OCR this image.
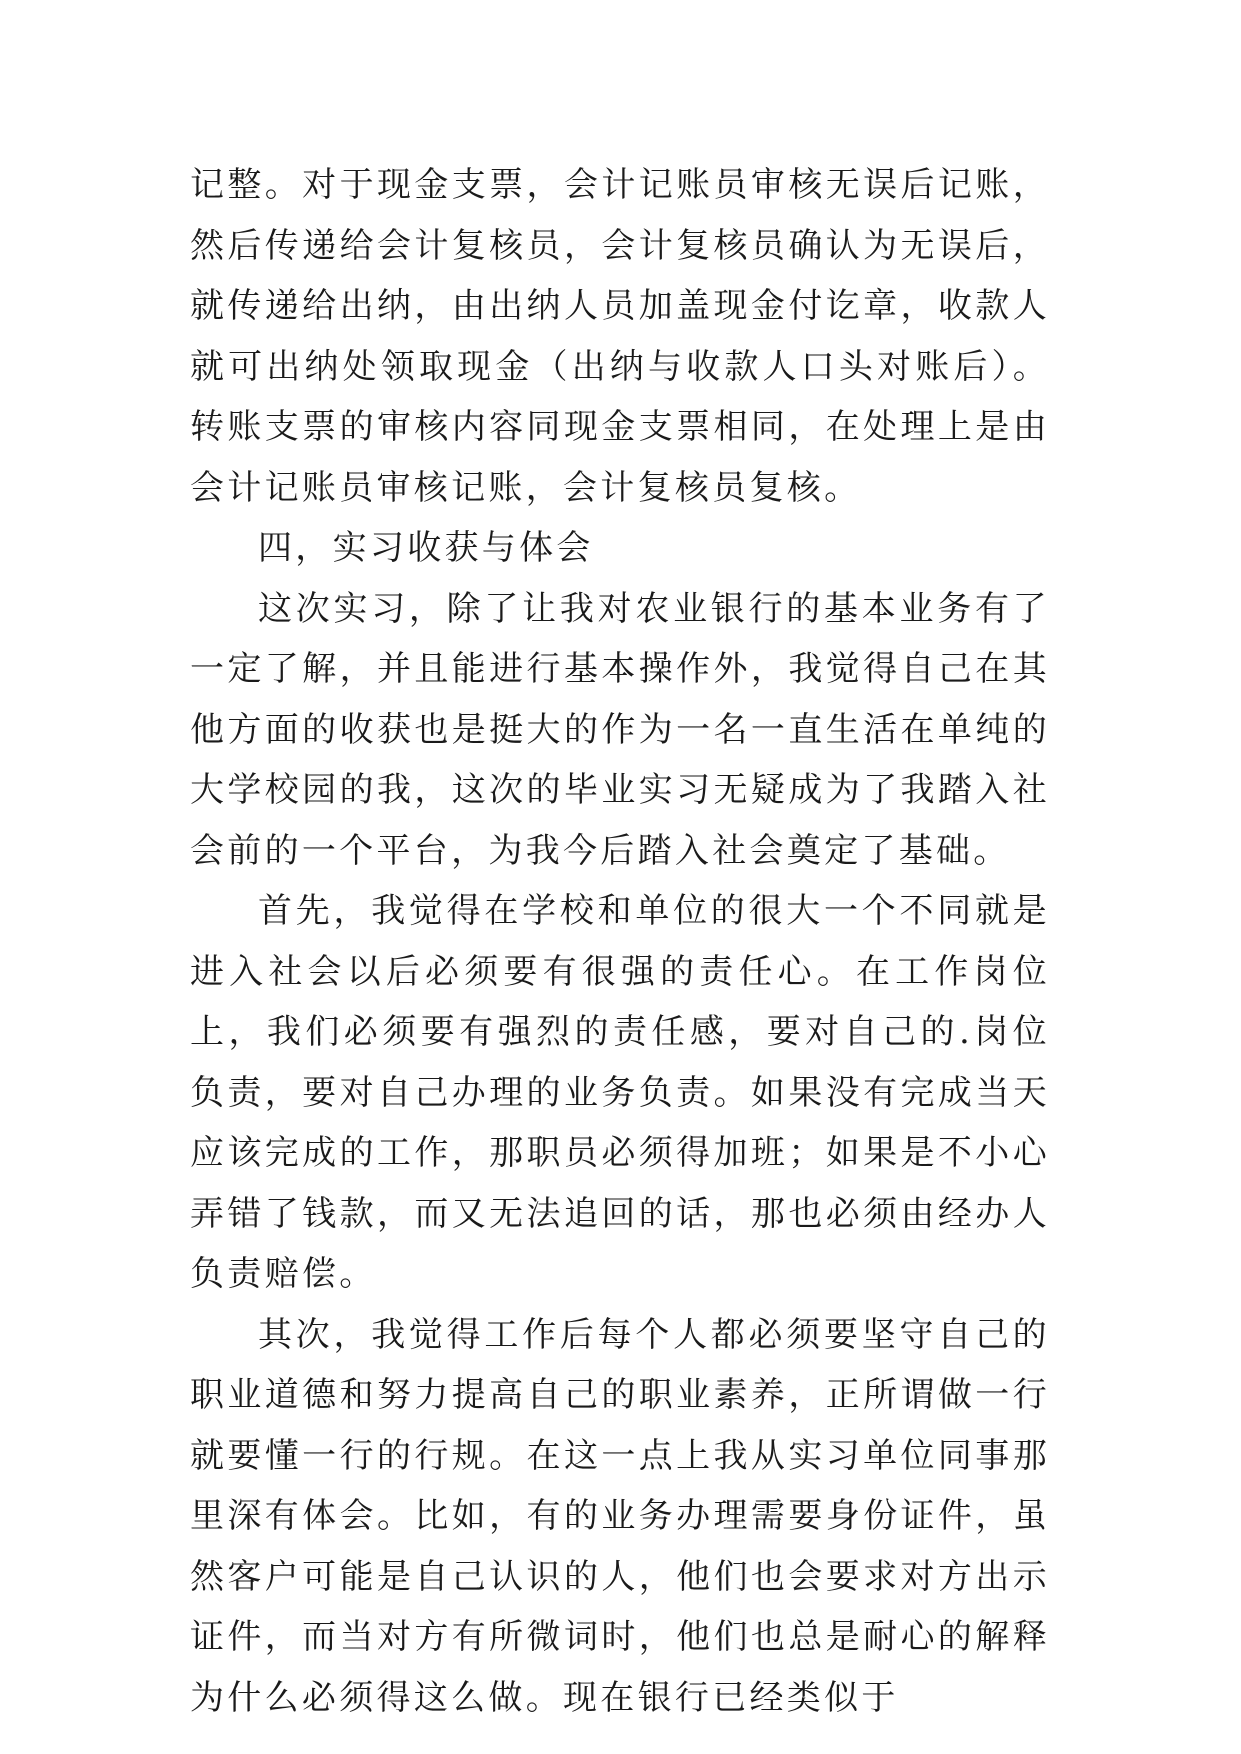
记整。对于现金支票，会计记账员审核无误后记账，然后传递给会计复核员，会计复核员确认为无误后，就传递给出纳，由出纳人员加盖现金付讫章，收款人就可出纳处领取现金（出纳与收款人口头对账后）。转账支票的审核内容同现金支票相同，在处理上是由会计记账员审核记账，会计复核员复核。

四，实习收获与体会

这次实习，除了让我对农业银行的基本业务有了一定了解，并且能进行基本操作外，我觉得自己在其他方面的收获也是挺大的作为一名一直生活在单纯的大学校园的我，这次的毕业实习无疑成为了我踏入社会前的一个平台，为我今后踏入社会奠定了基础。

首先，我觉得在学校和单位的很大一个不同就是进入社会以后必须要有很强的责任心。在工作岗位上，我们必须要有强烈的责任感，要对自己的.岗位负责，要对自己办理的业务负责。如果没有完成当天应该完成的工作，那职员必须得加班；如果是不小心弄错了钱款，而又无法追回的话，那也必须由经办人负责赔偿。

其次，我觉得工作后每个人都必须要坚守自己的职业道德和努力提高自己的职业素养，正所谓做一行就要懂一行的行规。在这一点上我从实习单位同事那里深有体会。比如，有的业务办理需要身份证件，虽然客户可能是自己认识的人，他们也会要求对方出示证件，而当对方有所微词时，他们也总是耐心的解释为什么必须得这么做。现在银行已经类似于
